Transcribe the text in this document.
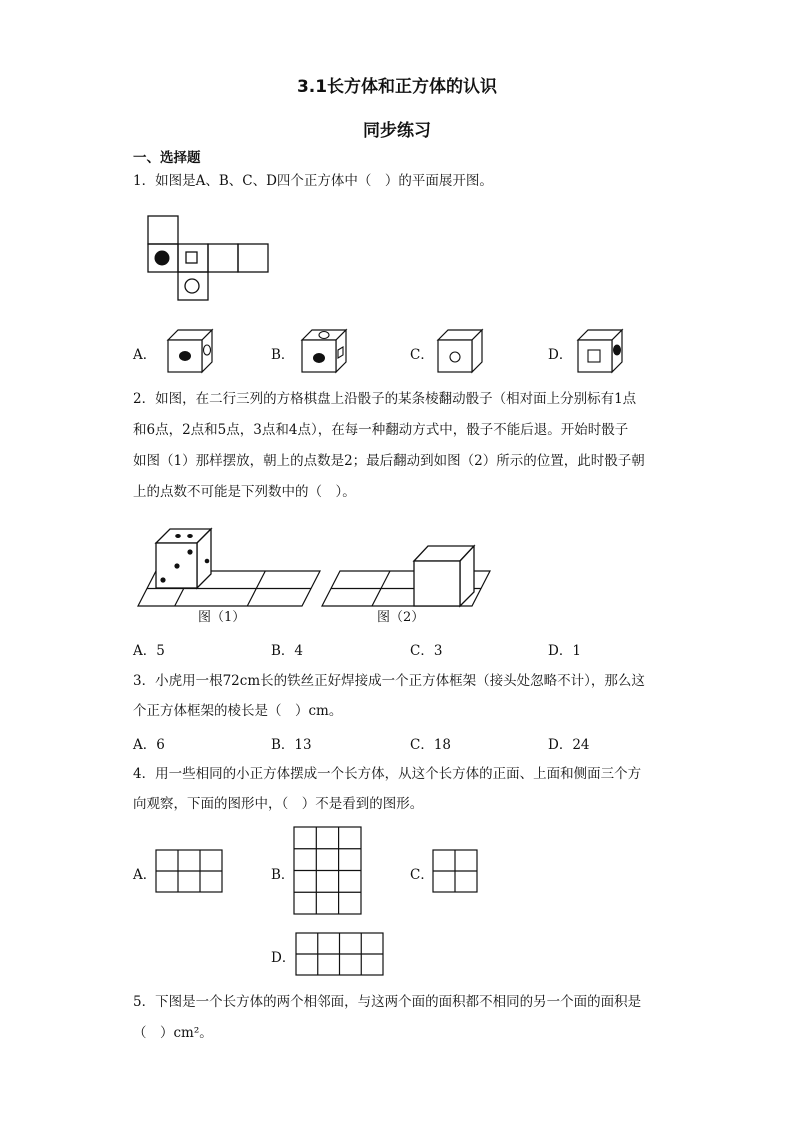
3.1长方体和正方体的认识
同步练习
一、选择题
1．如图是A、B、C、D四个正方体中（　）的平面展开图。
A．	B．	C．	D．
2．如图，在二行三列的方格棋盘上沿骰子的某条棱翻动骰子（相对面上分别标有1点
和6点，2点和5点，3点和4点），在每一种翻动方式中，骰子不能后退。开始时骰子
如图（1）那样摆放，朝上的点数是2；最后翻动到如图（2）所示的位置，此时骰子朝
上的点数不可能是下列数中的（　）。
图（1）	图（2）
A．5	B．4	C．3	D．1
3．小虎用一根72cm长的铁丝正好焊接成一个正方体框架（接头处忽略不计），那么这
个正方体框架的棱长是（　）cm。
A．6	B．13	C．18	D．24
4．用一些相同的小正方体摆成一个长方体，从这个长方体的正面、上面和侧面三个方
向观察，下面的图形中，（　）不是看到的图形。
A．	B．	C．
D．
5．下图是一个长方体的两个相邻面，与这两个面的面积都不相同的另一个面的面积是
（　）cm²。
